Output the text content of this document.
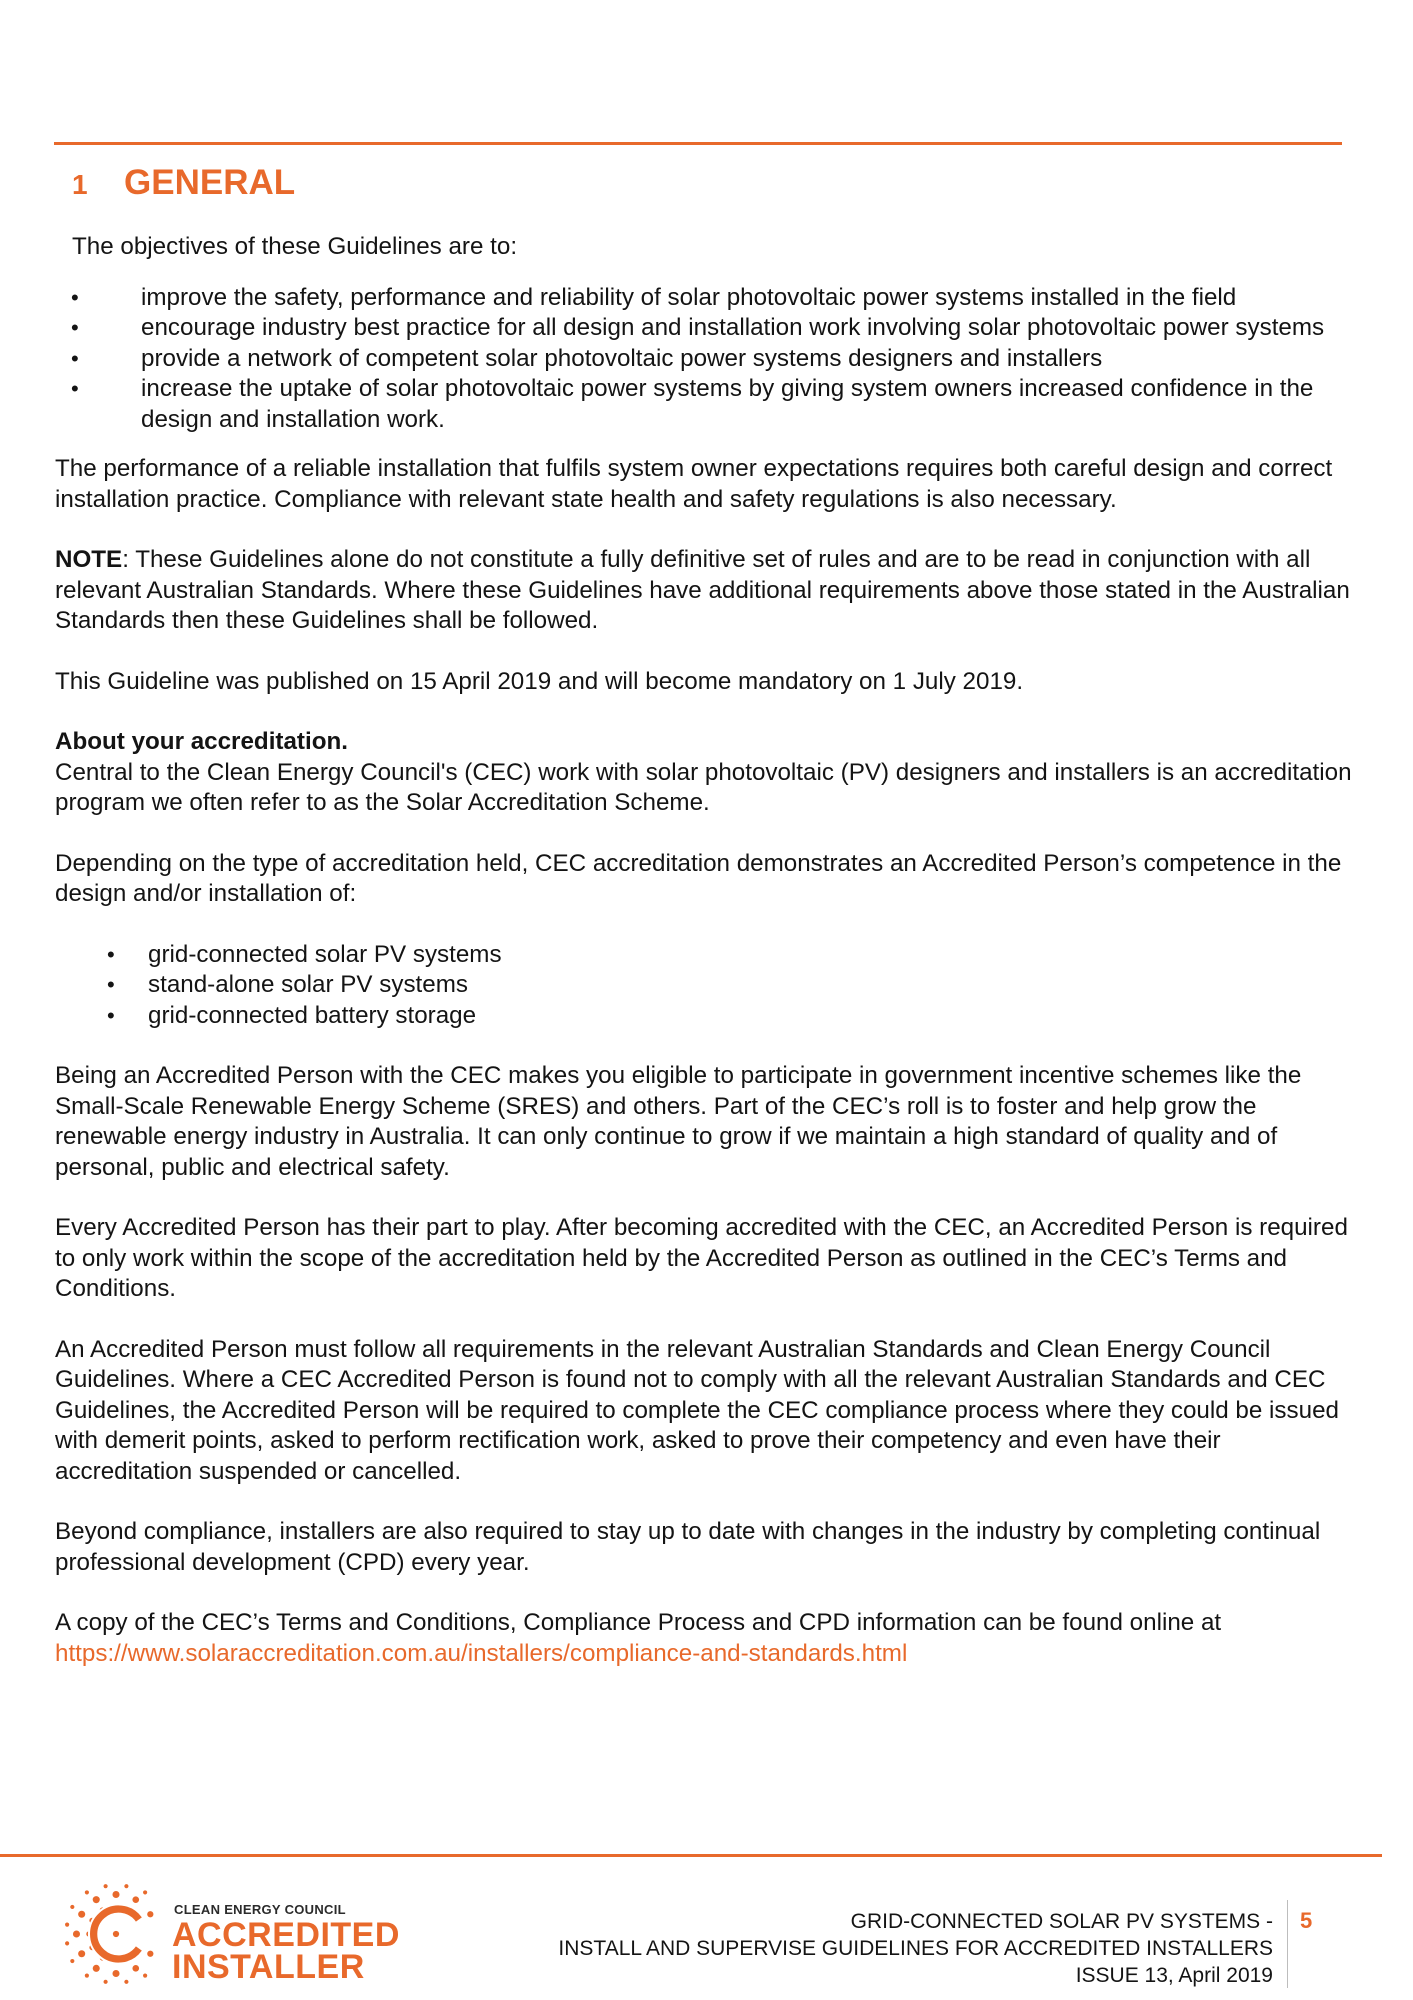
1 GENERAL

The objectives of these Guidelines are to:

• improve the safety, performance and reliability of solar photovoltaic power systems installed in the field
• encourage industry best practice for all design and installation work involving solar photovoltaic power systems
• provide a network of competent solar photovoltaic power systems designers and installers
• increase the uptake of solar photovoltaic power systems by giving system owners increased confidence in the design and installation work.

The performance of a reliable installation that fulfils system owner expectations requires both careful design and correct installation practice. Compliance with relevant state health and safety regulations is also necessary.

NOTE: These Guidelines alone do not constitute a fully definitive set of rules and are to be read in conjunction with all relevant Australian Standards. Where these Guidelines have additional requirements above those stated in the Australian Standards then these Guidelines shall be followed.

This Guideline was published on 15 April 2019 and will become mandatory on 1 July 2019.

About your accreditation.
Central to the Clean Energy Council's (CEC) work with solar photovoltaic (PV) designers and installers is an accreditation program we often refer to as the Solar Accreditation Scheme.

Depending on the type of accreditation held, CEC accreditation demonstrates an Accredited Person’s competence in the design and/or installation of:

• grid-connected solar PV systems
• stand-alone solar PV systems
• grid-connected battery storage

Being an Accredited Person with the CEC makes you eligible to participate in government incentive schemes like the Small-Scale Renewable Energy Scheme (SRES) and others. Part of the CEC’s roll is to foster and help grow the renewable energy industry in Australia. It can only continue to grow if we maintain a high standard of quality and of personal, public and electrical safety.

Every Accredited Person has their part to play. After becoming accredited with the CEC, an Accredited Person is required to only work within the scope of the accreditation held by the Accredited Person as outlined in the CEC’s Terms and Conditions.

An Accredited Person must follow all requirements in the relevant Australian Standards and Clean Energy Council Guidelines. Where a CEC Accredited Person is found not to comply with all the relevant Australian Standards and CEC Guidelines, the Accredited Person will be required to complete the CEC compliance process where they could be issued with demerit points, asked to perform rectification work, asked to prove their competency and even have their accreditation suspended or cancelled.

Beyond compliance, installers are also required to stay up to date with changes in the industry by completing continual professional development (CPD) every year.

A copy of the CEC’s Terms and Conditions, Compliance Process and CPD information can be found online at
https://www.solaraccreditation.com.au/installers/compliance-and-standards.html

CLEAN ENERGY COUNCIL
ACCREDITED
INSTALLER
GRID-CONNECTED SOLAR PV SYSTEMS -
INSTALL AND SUPERVISE GUIDELINES FOR ACCREDITED INSTALLERS
ISSUE 13, April 2019
5
